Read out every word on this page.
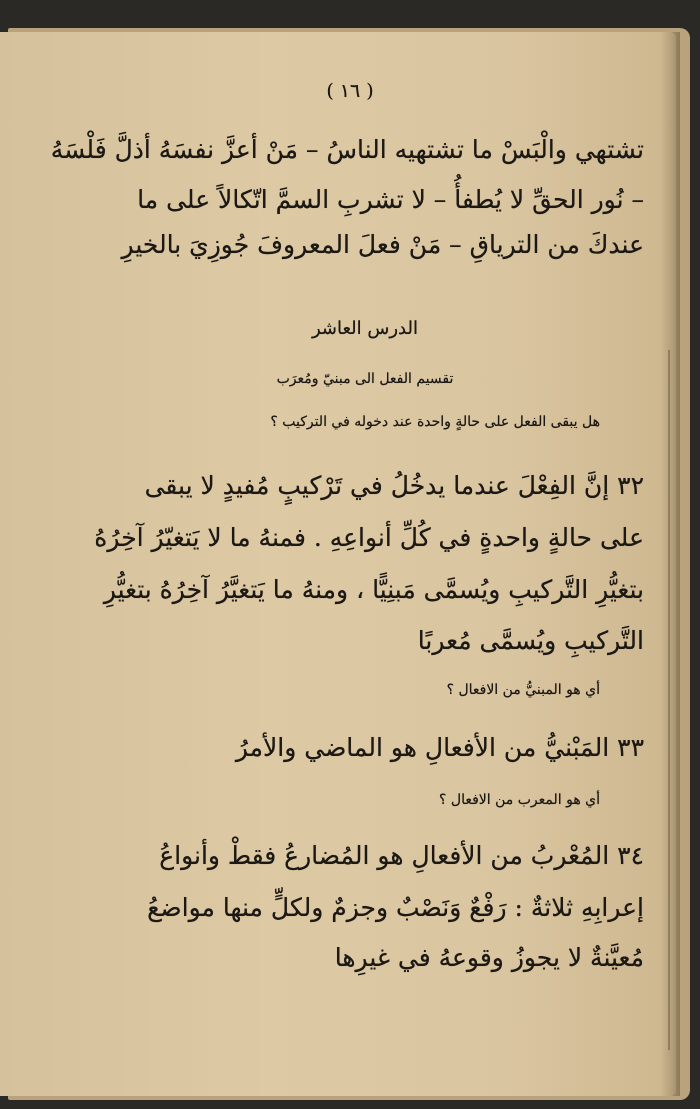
( ١٦ )
تشتهي والْبَسْ ما تشتهيه الناسُ – مَنْ أعزَّ نفسَهُ أذلَّ فَلْسَهُ
– نُور الحقِّ لا يُطفأُ – لا تشربِ السمَّ اتّكالاً على ما
عندكَ من الترياقِ – مَنْ فعلَ المعروفَ جُوزِيَ بالخيرِ
الدرس العاشر
تقسيم الفعل الى مبنيّ ومُعرَب
هل يبقى الفعل على حالةٍ واحدة عند دخوله في التركيب ؟
٣٢ إنَّ الفِعْلَ عندما يدخُلُ في تَرْكيبٍ مُفيدٍ لا يبقى
على حالةٍ واحدةٍ في كُلِّ أنواعِهِ . فمنهُ ما لا يَتغيّرُ آخِرُهُ
بتغيُّرِ التَّركيبِ ويُسمَّى مَبنِيًّا ، ومنهُ ما يَتغيَّرُ آخِرُهُ بتغيُّرِ
التَّركيبِ ويُسمَّى مُعربًا
أي هو المبنيُّ من الافعال ؟
٣٣ المَبْنيُّ من الأفعالِ هو الماضي والأمرُ
أي هو المعرب من الافعال ؟
٣٤ المُعْربُ من الأفعالِ هو المُضارعُ فقطْ وأنواعُ
إعرابِهِ ثلاثةٌ : رَفْعٌ وَنَصْبٌ وجزمٌ ولكلٍّ منها مواضعُ
مُعيَّنةٌ لا يجوزُ وقوعهُ في غيرِها
